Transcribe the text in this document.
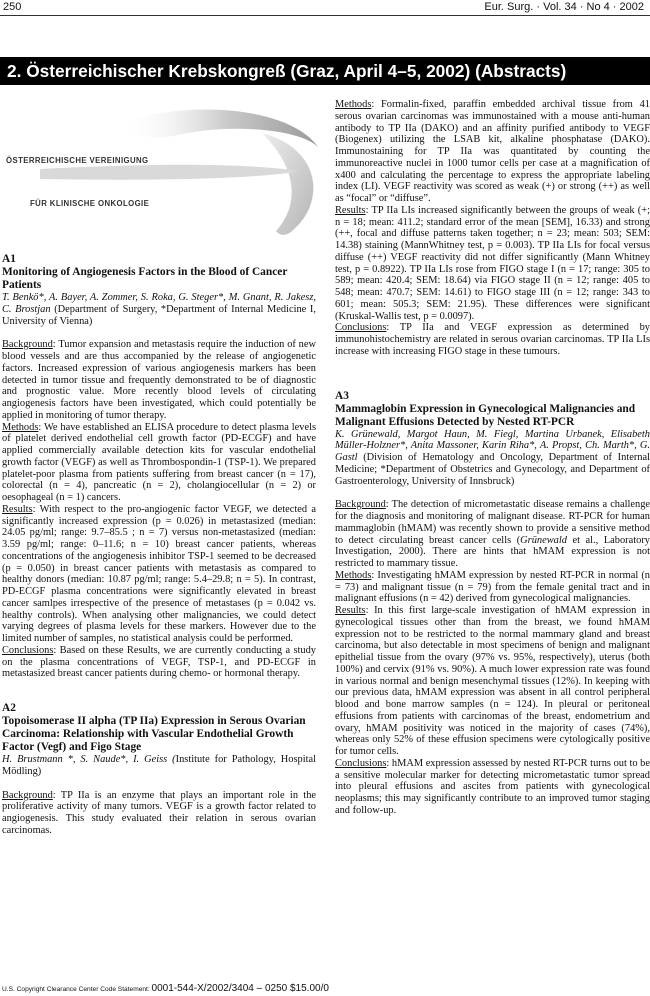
250	Eur. Surg. · Vol. 34 · No 4 · 2002
2. Österreichischer Krebskongreß (Graz, April 4–5, 2002) (Abstracts)
ÖSTERREICHISCHE VEREINIGUNG
FÜR KLINISCHE ONKOLOGIE

A1

Monitoring of Angiogenesis Factors in the Blood of Cancer Patients

T. Benkö*, A. Bayer, A. Zommer, S. Roka, G. Steger*, M. Gnant, R. Jakesz, C. Brostjan (Department of Surgery, *Department of Internal Medicine I, University of Vienna)

Background: Tumor expansion and metastasis require the induction of new blood vessels and are thus accompanied by the release of angiogenetic factors. Increased expression of various angiogenesis markers has been detected in tumor tissue and frequently demonstrated to be of diagnostic and prognostic value. More recently blood levels of circulating angiogenesis factors have been investigated, which could potentially be applied in monitoring of tumor therapy.

Methods: We have established an ELISA procedure to detect plasma levels of platelet derived endothelial cell growth factor (PD-ECGF) and have applied commercially available detection kits for vascular endothelial growth factor (VEGF) as well as Thrombospondin-1 (TSP-1). We prepared platelet-poor plasma from patients suffering from breast cancer (n = 17), colorectal (n = 4), pancreatic (n = 2), cholangiocellular (n = 2) or oesophageal (n = 1) cancers.

Results: With respect to the pro-angiogenic factor VEGF, we detected a significantly increased expression (p = 0.026) in metastasized (median: 24.05 pg/ml; range: 9.7–85.5 ; n = 7) versus non-metastasized (median: 3.59 pg/ml; range: 0–11.6; n = 10) breast cancer patients, whereas concentrations of the angiogenesis inhibitor TSP-1 seemed to be decreased (p = 0.050) in breast cancer patients with metastasis as compared to healthy donors (median: 10.87 pg/ml; range: 5.4–29.8; n = 5). In contrast, PD-ECGF plasma concentrations were significantly elevated in breast cancer samlpes irrespective of the presence of metastases (p = 0.042 vs. healthy controls). When analysing other malignancies, we could detect varying degrees of plasma levels for these markers. However due to the limited number of samples, no statistical analysis could be performed.

Conclusions: Based on these Results, we are currently conducting a study on the plasma concentrations of VEGF, TSP-1, and PD-ECGF in metastasized breast cancer patients during chemo- or hormonal therapy.

A2

Topoisomerase II alpha (TP IIa) Expression in Serous Ovarian Carcinoma: Relationship with Vascular Endothelial Growth Factor (Vegf) and Figo Stage

H. Brustmann *, S. Naude*, I. Geiss (Institute for Pathology, Hospital Mödling)

Background: TP IIa is an enzyme that plays an important role in the proliferative activity of many tumors. VEGF is a growth factor related to angiogenesis. This study evaluated their relation in serous ovarian carcinomas.

Methods: Formalin-fixed, paraffin embedded archival tissue from 41 serous ovarian carcinomas was immunostained with a mouse anti-human antibody to TP IIa (DAKO) and an affinity purified antibody to VEGF (Biogenex) utilizing the LSAB kit, alkaline phosphatase (DAKO). Immunostaining for TP IIa was quantitated by counting the immunoreactive nuclei in 1000 tumor cells per case at a magnification of x400 and calculating the percentage to express the appropriate labeling index (LI). VEGF reactivity was scored as weak (+) or strong (++) as well as “focal” or “diffuse”.

Results: TP IIa LIs increased significantly between the groups of weak (+; n = 18; mean: 411.2; standard error of the mean [SEM], 16.33) and strong (++, focal and diffuse patterns taken together; n = 23; mean: 503; SEM: 14.38) staining (MannWhitney test, p = 0.003). TP IIa LIs for focal versus diffuse (++) VEGF reactivity did not differ significantly (Mann Whitney test, p = 0.8922). TP IIa LIs rose from FIGO stage I (n = 17; range: 305 to 589; mean: 420.4; SEM: 18.64) via FIGO stage II (n = 12; range: 405 to 548; mean: 470.7; SEM: 14.61) to FIGO stage III (n = 12; range: 343 to 601; mean: 505.3; SEM: 21.95). These differences were significant (Kruskal-Wallis test, p = 0.0097).

Conclusions: TP IIa and VEGF expression as determined by immunohistochemistry are related in serous ovarian carcinomas. TP IIa LIs increase with increasing FIGO stage in these tumours.

A3

Mammaglobin Expression in Gynecological Malignancies and Malignant Effusions Detected by Nested RT-PCR

K. Grünewald, Margot Haun, M. Fiegl, Martina Urbanek, Elisabeth Müller-Holzner*, Anita Massoner, Karin Riha*, A. Propst, Ch. Marth*, G. Gastl (Division of Hematology and Oncology, Department of Internal Medicine; *Department of Obstetrics and Gynecology, and Department of Gastroenterology, University of Innsbruck)

Background: The detection of micrometastatic disease remains a challenge for the diagnosis and monitoring of malignant disease. RT-PCR for human mammaglobin (hMAM) was recently shown to provide a sensitive method to detect circulating breast cancer cells (Grünewald et al., Laboratory Investigation, 2000). There are hints that hMAM expression is not restricted to mammary tissue.

Methods: Investigating hMAM expression by nested RT-PCR in normal (n = 73) and malignant tissue (n = 79) from the female genital tract and in malignant effusions (n = 42) derived from gynecological malignancies.

Results: In this first large-scale investigation of hMAM expression in gynecological tissues other than from the breast, we found hMAM expression not to be restricted to the normal mammary gland and breast carcinoma, but also detectable in most specimens of benign and malignant epithelial tissue from the ovary (97% vs. 95%, respectively), uterus (both 100%) and cervix (91% vs. 90%). A much lower expression rate was found in various normal and benign mesenchymal tissues (12%). In keeping with our previous data, hMAM expression was absent in all control peripheral blood and bone marrow samples (n = 124). In pleural or peritoneal effusions from patients with carcinomas of the breast, endometrium and ovary, hMAM positivity was noticed in the majority of cases (74%), whereas only 52% of these effusion specimens were cytologically positive for tumor cells.

Conclusions: hMAM expression assessed by nested RT-PCR turns out to be a sensitive molecular marker for detecting micrometastatic tumor spread into pleural effusions and ascites from patients with gynecological neoplasms; this may significantly contribute to an improved tumor staging and follow-up.

U.S. Copyright Clearance Center Code Statement: 0001-544-X/2002/3404 – 0250 $15.00/0
